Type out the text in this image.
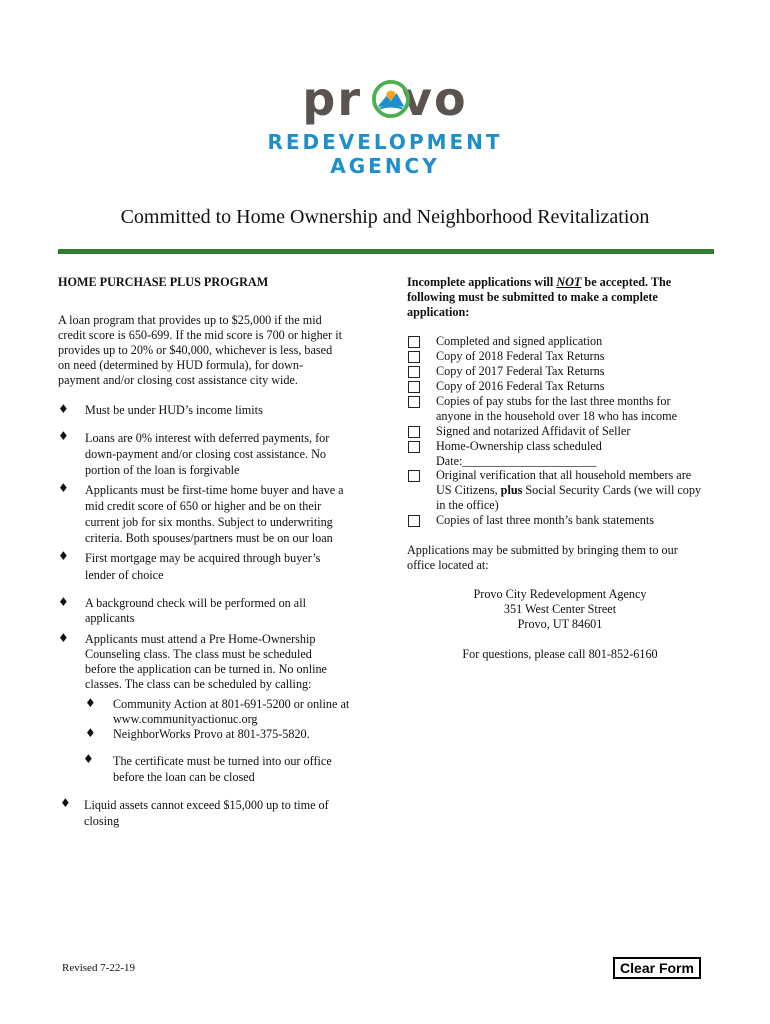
pr vo
REDEVELOPMENT
AGENCY
Committed to Home Ownership and Neighborhood Revitalization
HOME PURCHASE PLUS PROGRAM
A loan program that provides up to $25,000 if the mid
credit score is 650-699. If the mid score is 700 or higher it
provides up to 20% or $40,000, whichever is less, based
on need (determined by HUD formula), for down-
payment and/or closing cost assistance city wide.
♦ Must be under HUD’s income limits
♦ Loans are 0% interest with deferred payments, for
down-payment and/or closing cost assistance. No
portion of the loan is forgivable
♦ Applicants must be first-time home buyer and have a
mid credit score of 650 or higher and be on their
current job for six months. Subject to underwriting
criteria. Both spouses/partners must be on our loan
♦ First mortgage may be acquired through buyer’s
lender of choice
♦ A background check will be performed on all
applicants
♦ Applicants must attend a Pre Home-Ownership
Counseling class. The class must be scheduled
before the application can be turned in. No online
classes. The class can be scheduled by calling:
♦ Community Action at 801-691-5200 or online at
www.communityactionuc.org
♦ NeighborWorks Provo at 801-375-5820.
♦ The certificate must be turned into our office
before the loan can be closed
♦ Liquid assets cannot exceed $15,000 up to time of
closing
Incomplete applications will NOT be accepted. The
following must be submitted to make a complete
application:
Completed and signed application
Copy of 2018 Federal Tax Returns
Copy of 2017 Federal Tax Returns
Copy of 2016 Federal Tax Returns
Copies of pay stubs for the last three months for
anyone in the household over 18 who has income
Signed and notarized Affidavit of Seller
Home-Ownership class scheduled
Date:______________________
Original verification that all household members are
US Citizens, plus Social Security Cards (we will copy
in the office)
Copies of last three month’s bank statements
Applications may be submitted by bringing them to our
office located at:
Provo City Redevelopment Agency
351 West Center Street
Provo, UT 84601
For questions, please call 801-852-6160
Revised 7-22-19	Clear Form
